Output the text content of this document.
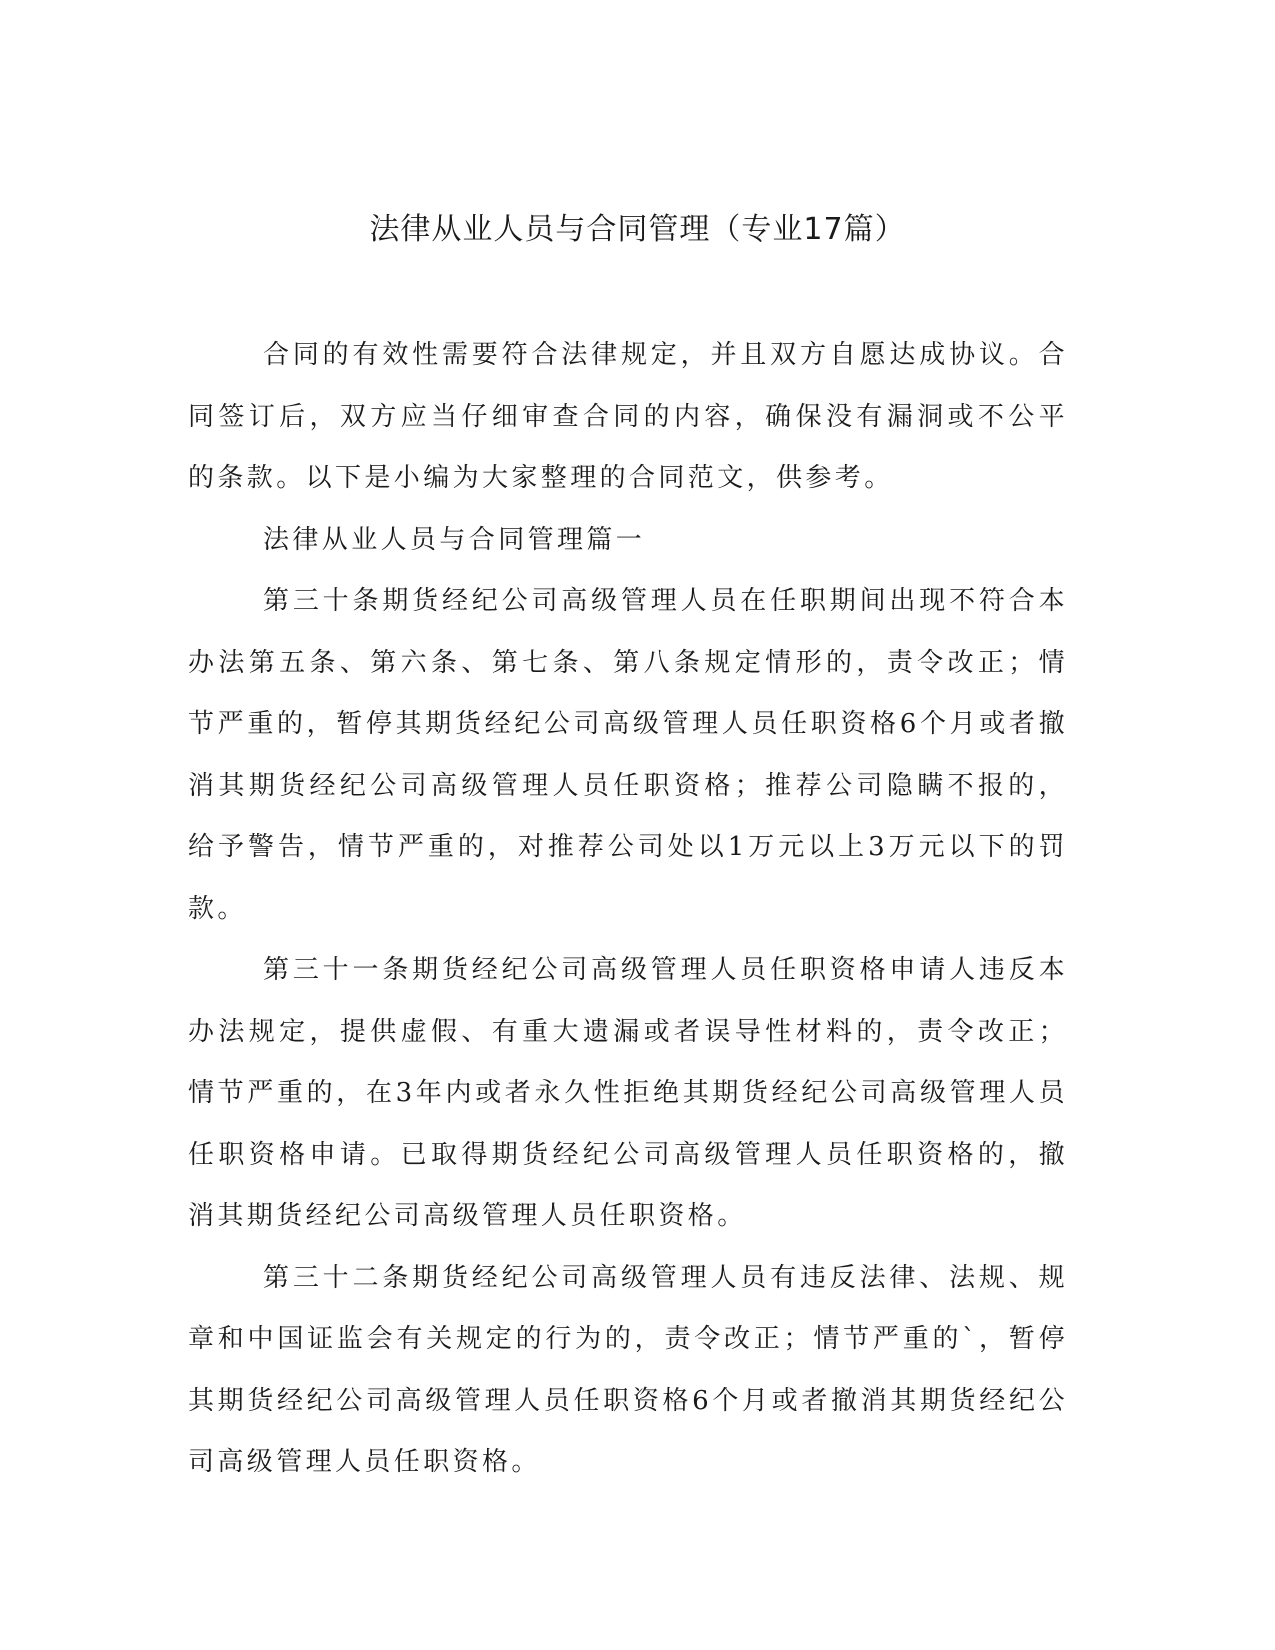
法律从业人员与合同管理（专业17篇）

合同的有效性需要符合法律规定，并且双方自愿达成协议。合同签订后，双方应当仔细审查合同的内容，确保没有漏洞或不公平的条款。以下是小编为大家整理的合同范文，供参考。

法律从业人员与合同管理篇一

第三十条期货经纪公司高级管理人员在任职期间出现不符合本办法第五条、第六条、第七条、第八条规定情形的，责令改正；情节严重的，暂停其期货经纪公司高级管理人员任职资格6个月或者撤消其期货经纪公司高级管理人员任职资格；推荐公司隐瞒不报的，给予警告，情节严重的，对推荐公司处以1万元以上3万元以下的罚款。

第三十一条期货经纪公司高级管理人员任职资格申请人违反本办法规定，提供虚假、有重大遗漏或者误导性材料的，责令改正；情节严重的，在3年内或者永久性拒绝其期货经纪公司高级管理人员任职资格申请。已取得期货经纪公司高级管理人员任职资格的，撤消其期货经纪公司高级管理人员任职资格。

第三十二条期货经纪公司高级管理人员有违反法律、法规、规章和中国证监会有关规定的行为的，责令改正；情节严重的`，暂停其期货经纪公司高级管理人员任职资格6个月或者撤消其期货经纪公司高级管理人员任职资格。
